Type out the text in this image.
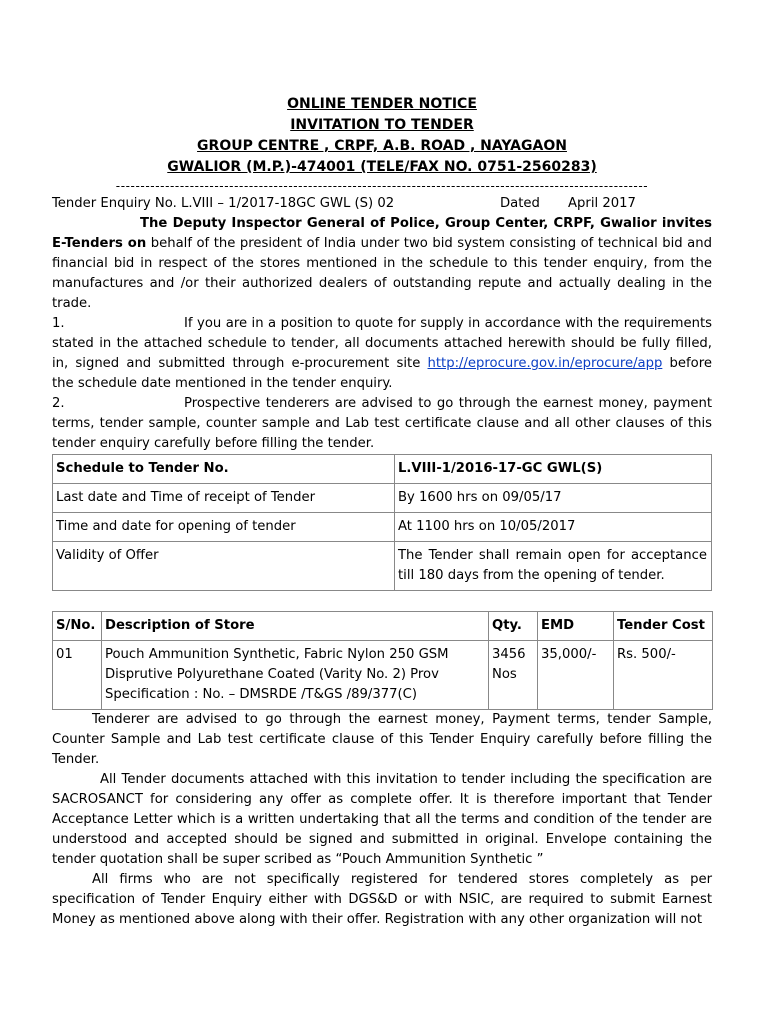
ONLINE TENDER NOTICE
INVITATION TO TENDER
GROUP CENTRE , CRPF, A.B. ROAD , NAYAGAON
GWALIOR (M.P.)-474001 (TELE/FAX NO. 0751-2560283)
------------------------------------------------------------------------------------------------------------
Tender Enquiry No. L.VIII – 1/2017-18GC GWL (S) 02	Dated	April 2017

The Deputy Inspector General of Police, Group Center, CRPF, Gwalior invites E-Tenders on behalf of the president of India under two bid system consisting of technical bid and financial bid in respect of the stores mentioned in the schedule to this tender enquiry, from the manufactures and /or their authorized dealers of outstanding repute and actually dealing in the trade.

1.	If you are in a position to quote for supply in accordance with the requirements stated in the attached schedule to tender, all documents attached herewith should be fully filled, in, signed and submitted through e-procurement site http://eprocure.gov.in/eprocure/app before the schedule date mentioned in the tender enquiry.

2.	Prospective tenderers are advised to go through the earnest money, payment terms, tender sample, counter sample and Lab test certificate clause and all other clauses of this tender enquiry carefully before filling the tender.

Schedule to Tender No.	L.VIII-1/2016-17-GC GWL(S)
Last date and Time of receipt of Tender	By 1600 hrs on 09/05/17
Time and date for opening of tender	At 1100 hrs on 10/05/2017
Validity of Offer	The Tender shall remain open for acceptance till 180 days from the opening of tender.
S/No.	Description of Store	Qty.	EMD	Tender Cost
01	Pouch Ammunition Synthetic, Fabric Nylon 250 GSM Disprutive Polyurethane Coated (Varity No. 2) Prov Specification : No. – DMSRDE /T&GS /89/377(C)	3456 Nos	35,000/-	Rs. 500/-

Tenderer are advised to go through the earnest money, Payment terms, tender Sample, Counter Sample and Lab test certificate clause of this Tender Enquiry carefully before filling the Tender.

All Tender documents attached with this invitation to tender including the specification are SACROSANCT for considering any offer as complete offer. It is therefore important that Tender Acceptance Letter which is a written undertaking that all the terms and condition of the tender are understood and accepted should be signed and submitted in original. Envelope containing the tender quotation shall be super scribed as “Pouch Ammunition Synthetic ”

All firms who are not specifically registered for tendered stores completely as per specification of Tender Enquiry either with DGS&D or with NSIC, are required to submit Earnest Money as mentioned above along with their offer. Registration with any other organization will not
